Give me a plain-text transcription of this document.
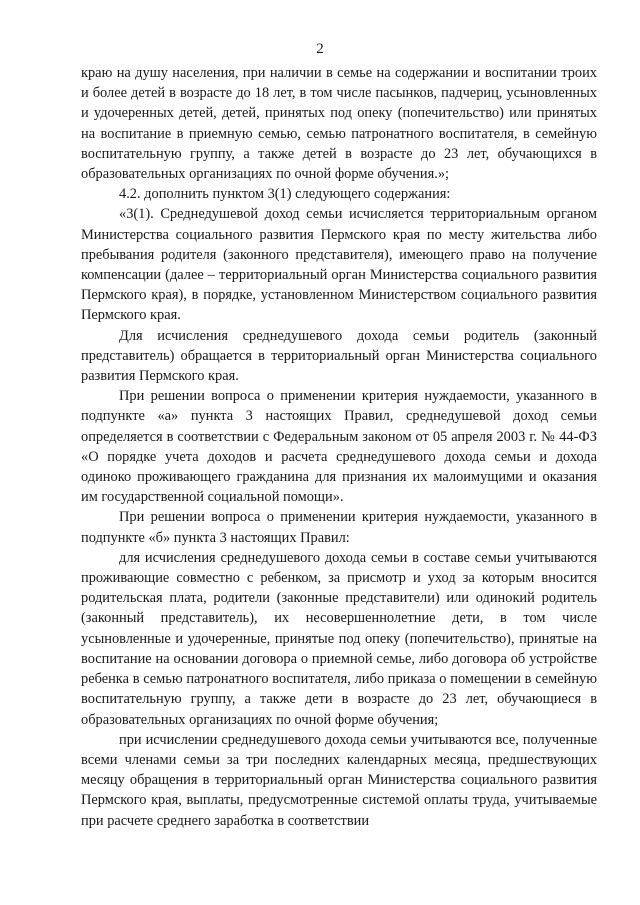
2

краю на душу населения, при наличии в семье на содержании и воспитании троих и более детей в возрасте до 18 лет, в том числе пасынков, падчериц, усыновленных и удочеренных детей, детей, принятых под опеку (попечительство) или принятых на воспитание в приемную семью, семью патронатного воспитателя, в семейную воспитательную группу, а также детей в возрасте до 23 лет, обучающихся в образовательных организациях по очной форме обучения.»;

4.2. дополнить пунктом 3(1) следующего содержания:

«3(1). Среднедушевой доход семьи исчисляется территориальным органом Министерства социального развития Пермского края по месту жительства либо пребывания родителя (законного представителя), имеющего право на получение компенсации (далее – территориальный орган Министерства социального развития Пермского края), в порядке, установленном Министерством социального развития Пермского края.

Для исчисления среднедушевого дохода семьи родитель (законный представитель) обращается в территориальный орган Министерства социального развития Пермского края.

При решении вопроса о применении критерия нуждаемости, указанного в подпункте «а» пункта 3 настоящих Правил, среднедушевой доход семьи определяется в соответствии с Федеральным законом от 05 апреля 2003 г. № 44-ФЗ «О порядке учета доходов и расчета среднедушевого дохода семьи и дохода одиноко проживающего гражданина для признания их малоимущими и оказания им государственной социальной помощи».

При решении вопроса о применении критерия нуждаемости, указанного в подпункте «б» пункта 3 настоящих Правил:

для исчисления среднедушевого дохода семьи в составе семьи учитываются проживающие совместно с ребенком, за присмотр и уход за которым вносится родительская плата, родители (законные представители) или одинокий родитель (законный представитель), их несовершеннолетние дети, в том числе усыновленные и удочеренные, принятые под опеку (попечительство), принятые на воспитание на основании договора о приемной семье, либо договора об устройстве ребенка в семью патронатного воспитателя, либо приказа о помещении в семейную воспитательную группу, а также дети в возрасте до 23 лет, обучающиеся в образовательных организациях по очной форме обучения;

при исчислении среднедушевого дохода семьи учитываются все, полученные всеми членами семьи за три последних календарных месяца, предшествующих месяцу обращения в территориальный орган Министерства социального развития Пермского края, выплаты, предусмотренные системой оплаты труда, учитываемые при расчете среднего заработка в соответствии
